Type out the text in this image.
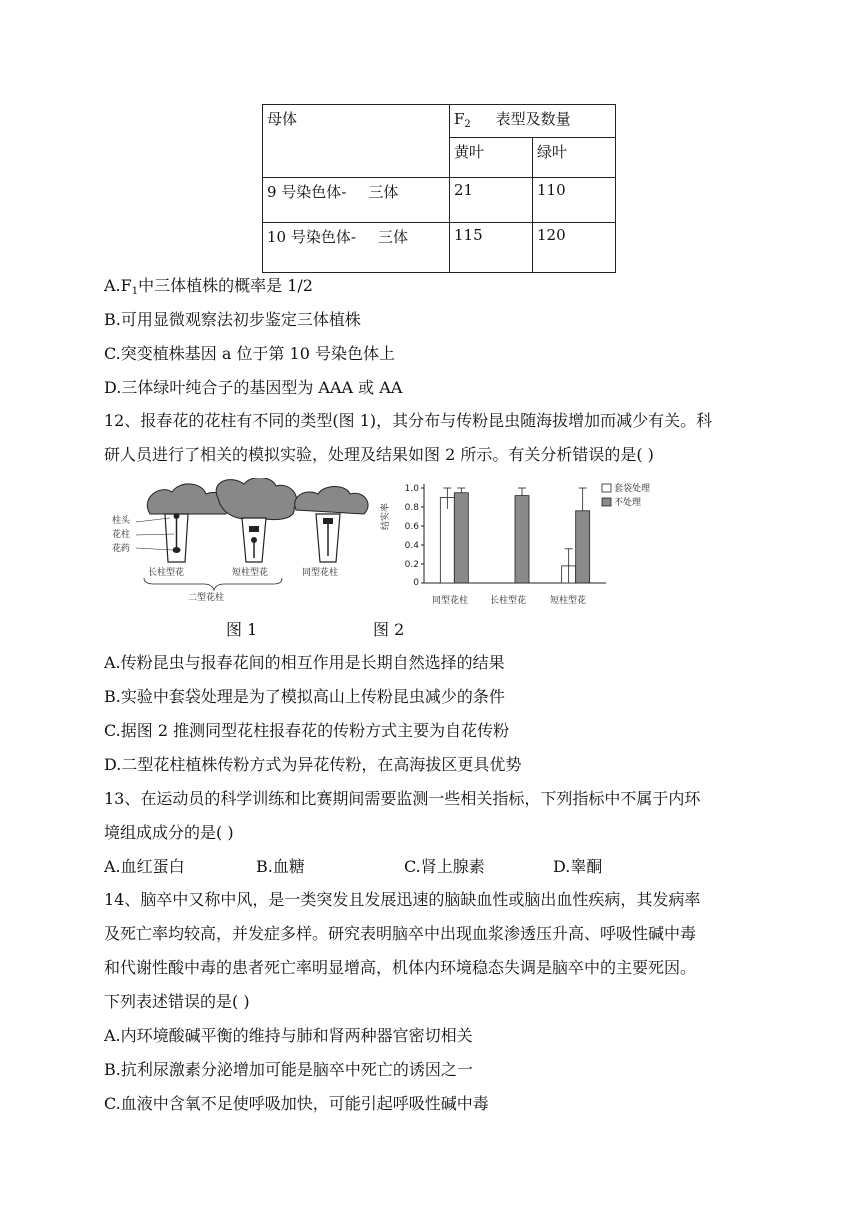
母体	$F_2$ 表型及数量	
	黄叶	绿叶
9 号染色体- 三体	21	110
10 号染色体- 三体	115	120
$A.F_1$中三体植株的概率是 1/2
B.可用显微观察法初步鉴定三体植株
C.突变植株基因 a 位于第 10 号染色体上
D.三体绿叶纯合子的基因型为 AAA 或 AA
12、报春花的花柱有不同的类型(图 1)，其分布与传粉昆虫随海拔增加而减少有关。科
研人员进行了相关的模拟实验，处理及结果如图 2 所示。有关分析错误的是( )
柱头
花柱
花药
长柱型花	短柱型花	同型花柱
二型花柱
结实率
1.0
0.8
0.6
0.4
0.2
0
同型花柱 长柱型花	短柱型花
套袋处理
不处理
图 1	图 2
A.传粉昆虫与报春花间的相互作用是长期自然选择的结果
B.实验中套袋处理是为了模拟高山上传粉昆虫减少的条件
C.据图 2 推测同型花柱报春花的传粉方式主要为自花传粉
D.二型花柱植株传粉方式为异花传粉，在高海拔区更具优势
13、在运动员的科学训练和比赛期间需要监测一些相关指标，下列指标中不属于内环
境组成成分的是( )
A.血红蛋白	B.血糖	C.肾上腺素	D.睾酮
14、脑卒中又称中风，是一类突发且发展迅速的脑缺血性或脑出血性疾病，其发病率
及死亡率均较高，并发症多样。研究表明脑卒中出现血浆渗透压升高、呼吸性碱中毒
和代谢性酸中毒的患者死亡率明显增高，机体内环境稳态失调是脑卒中的主要死因。
下列表述错误的是( )
A.内环境酸碱平衡的维持与肺和肾两种器官密切相关
B.抗利尿激素分泌增加可能是脑卒中死亡的诱因之一
C.血液中含氧不足使呼吸加快，可能引起呼吸性碱中毒
